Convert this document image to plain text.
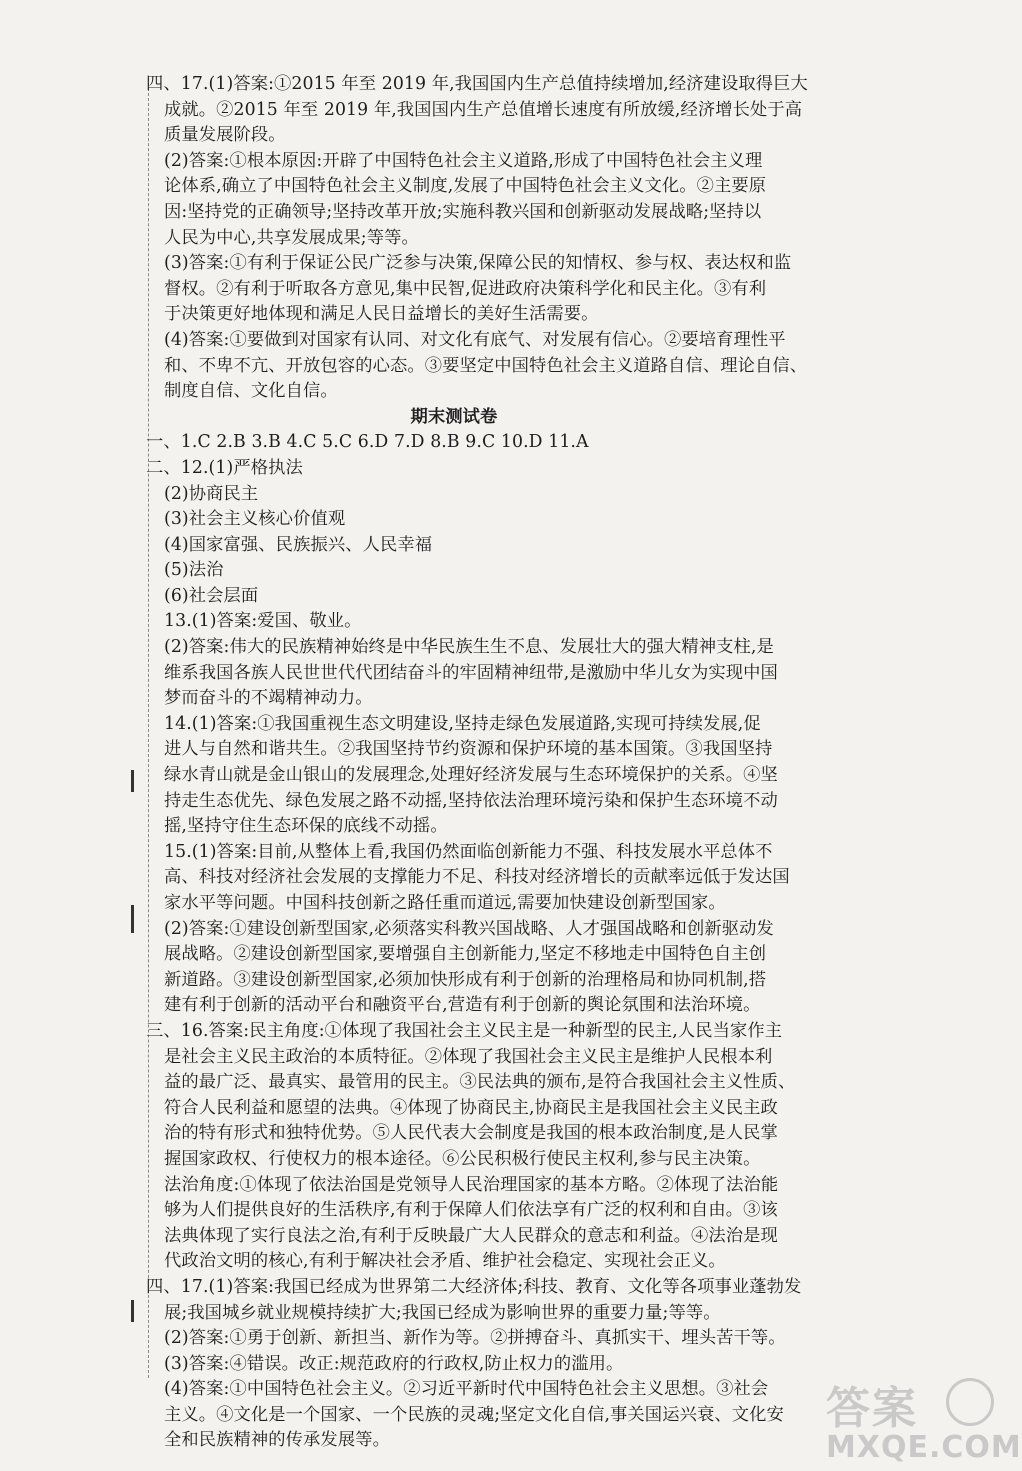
四、17.(1)答案:①2015 年至 2019 年,我国国内生产总值持续增加,经济建设取得巨大
成就。②2015 年至 2019 年,我国国内生产总值增长速度有所放缓,经济增长处于高
质量发展阶段。
(2)答案:①根本原因:开辟了中国特色社会主义道路,形成了中国特色社会主义理
论体系,确立了中国特色社会主义制度,发展了中国特色社会主义文化。②主要原
因:坚持党的正确领导;坚持改革开放;实施科教兴国和创新驱动发展战略;坚持以
人民为中心,共享发展成果;等等。
(3)答案:①有利于保证公民广泛参与决策,保障公民的知情权、参与权、表达权和监
督权。②有利于听取各方意见,集中民智,促进政府决策科学化和民主化。③有利
于决策更好地体现和满足人民日益增长的美好生活需要。
(4)答案:①要做到对国家有认同、对文化有底气、对发展有信心。②要培育理性平
和、不卑不亢、开放包容的心态。③要坚定中国特色社会主义道路自信、理论自信、
制度自信、文化自信。
期末测试卷
一、1.C 2.B 3.B 4.C 5.C 6.D 7.D 8.B 9.C 10.D 11.A
二、12.(1)严格执法
(2)协商民主
(3)社会主义核心价值观
(4)国家富强、民族振兴、人民幸福
(5)法治
(6)社会层面
13.(1)答案:爱国、敬业。
(2)答案:伟大的民族精神始终是中华民族生生不息、发展壮大的强大精神支柱,是
维系我国各族人民世世代代团结奋斗的牢固精神纽带,是激励中华儿女为实现中国
梦而奋斗的不竭精神动力。
14.(1)答案:①我国重视生态文明建设,坚持走绿色发展道路,实现可持续发展,促
进人与自然和谐共生。②我国坚持节约资源和保护环境的基本国策。③我国坚持
绿水青山就是金山银山的发展理念,处理好经济发展与生态环境保护的关系。④坚
持走生态优先、绿色发展之路不动摇,坚持依法治理环境污染和保护生态环境不动
摇,坚持守住生态环保的底线不动摇。
15.(1)答案:目前,从整体上看,我国仍然面临创新能力不强、科技发展水平总体不
高、科技对经济社会发展的支撑能力不足、科技对经济增长的贡献率远低于发达国
家水平等问题。中国科技创新之路任重而道远,需要加快建设创新型国家。
(2)答案:①建设创新型国家,必须落实科教兴国战略、人才强国战略和创新驱动发
展战略。②建设创新型国家,要增强自主创新能力,坚定不移地走中国特色自主创
新道路。③建设创新型国家,必须加快形成有利于创新的治理格局和协同机制,搭
建有利于创新的活动平台和融资平台,营造有利于创新的舆论氛围和法治环境。
三、16.答案:民主角度:①体现了我国社会主义民主是一种新型的民主,人民当家作主
是社会主义民主政治的本质特征。②体现了我国社会主义民主是维护人民根本利
益的最广泛、最真实、最管用的民主。③民法典的颁布,是符合我国社会主义性质、
符合人民利益和愿望的法典。④体现了协商民主,协商民主是我国社会主义民主政
治的特有形式和独特优势。⑤人民代表大会制度是我国的根本政治制度,是人民掌
握国家政权、行使权力的根本途径。⑥公民积极行使民主权利,参与民主决策。
法治角度:①体现了依法治国是党领导人民治理国家的基本方略。②体现了法治能
够为人们提供良好的生活秩序,有利于保障人们依法享有广泛的权利和自由。③该
法典体现了实行良法之治,有利于反映最广大人民群众的意志和利益。④法治是现
代政治文明的核心,有利于解决社会矛盾、维护社会稳定、实现社会正义。
四、17.(1)答案:我国已经成为世界第二大经济体;科技、教育、文化等各项事业蓬勃发
展;我国城乡就业规模持续扩大;我国已经成为影响世界的重要力量;等等。
(2)答案:①勇于创新、新担当、新作为等。②拼搏奋斗、真抓实干、埋头苦干等。
(3)答案:④错误。改正:规范政府的行政权,防止权力的滥用。
(4)答案:①中国特色社会主义。②习近平新时代中国特色社会主义思想。③社会
主义。④文化是一个国家、一个民族的灵魂;坚定文化自信,事关国运兴衰、文化安
全和民族精神的传承发展等。
答案
MXQE.COM
